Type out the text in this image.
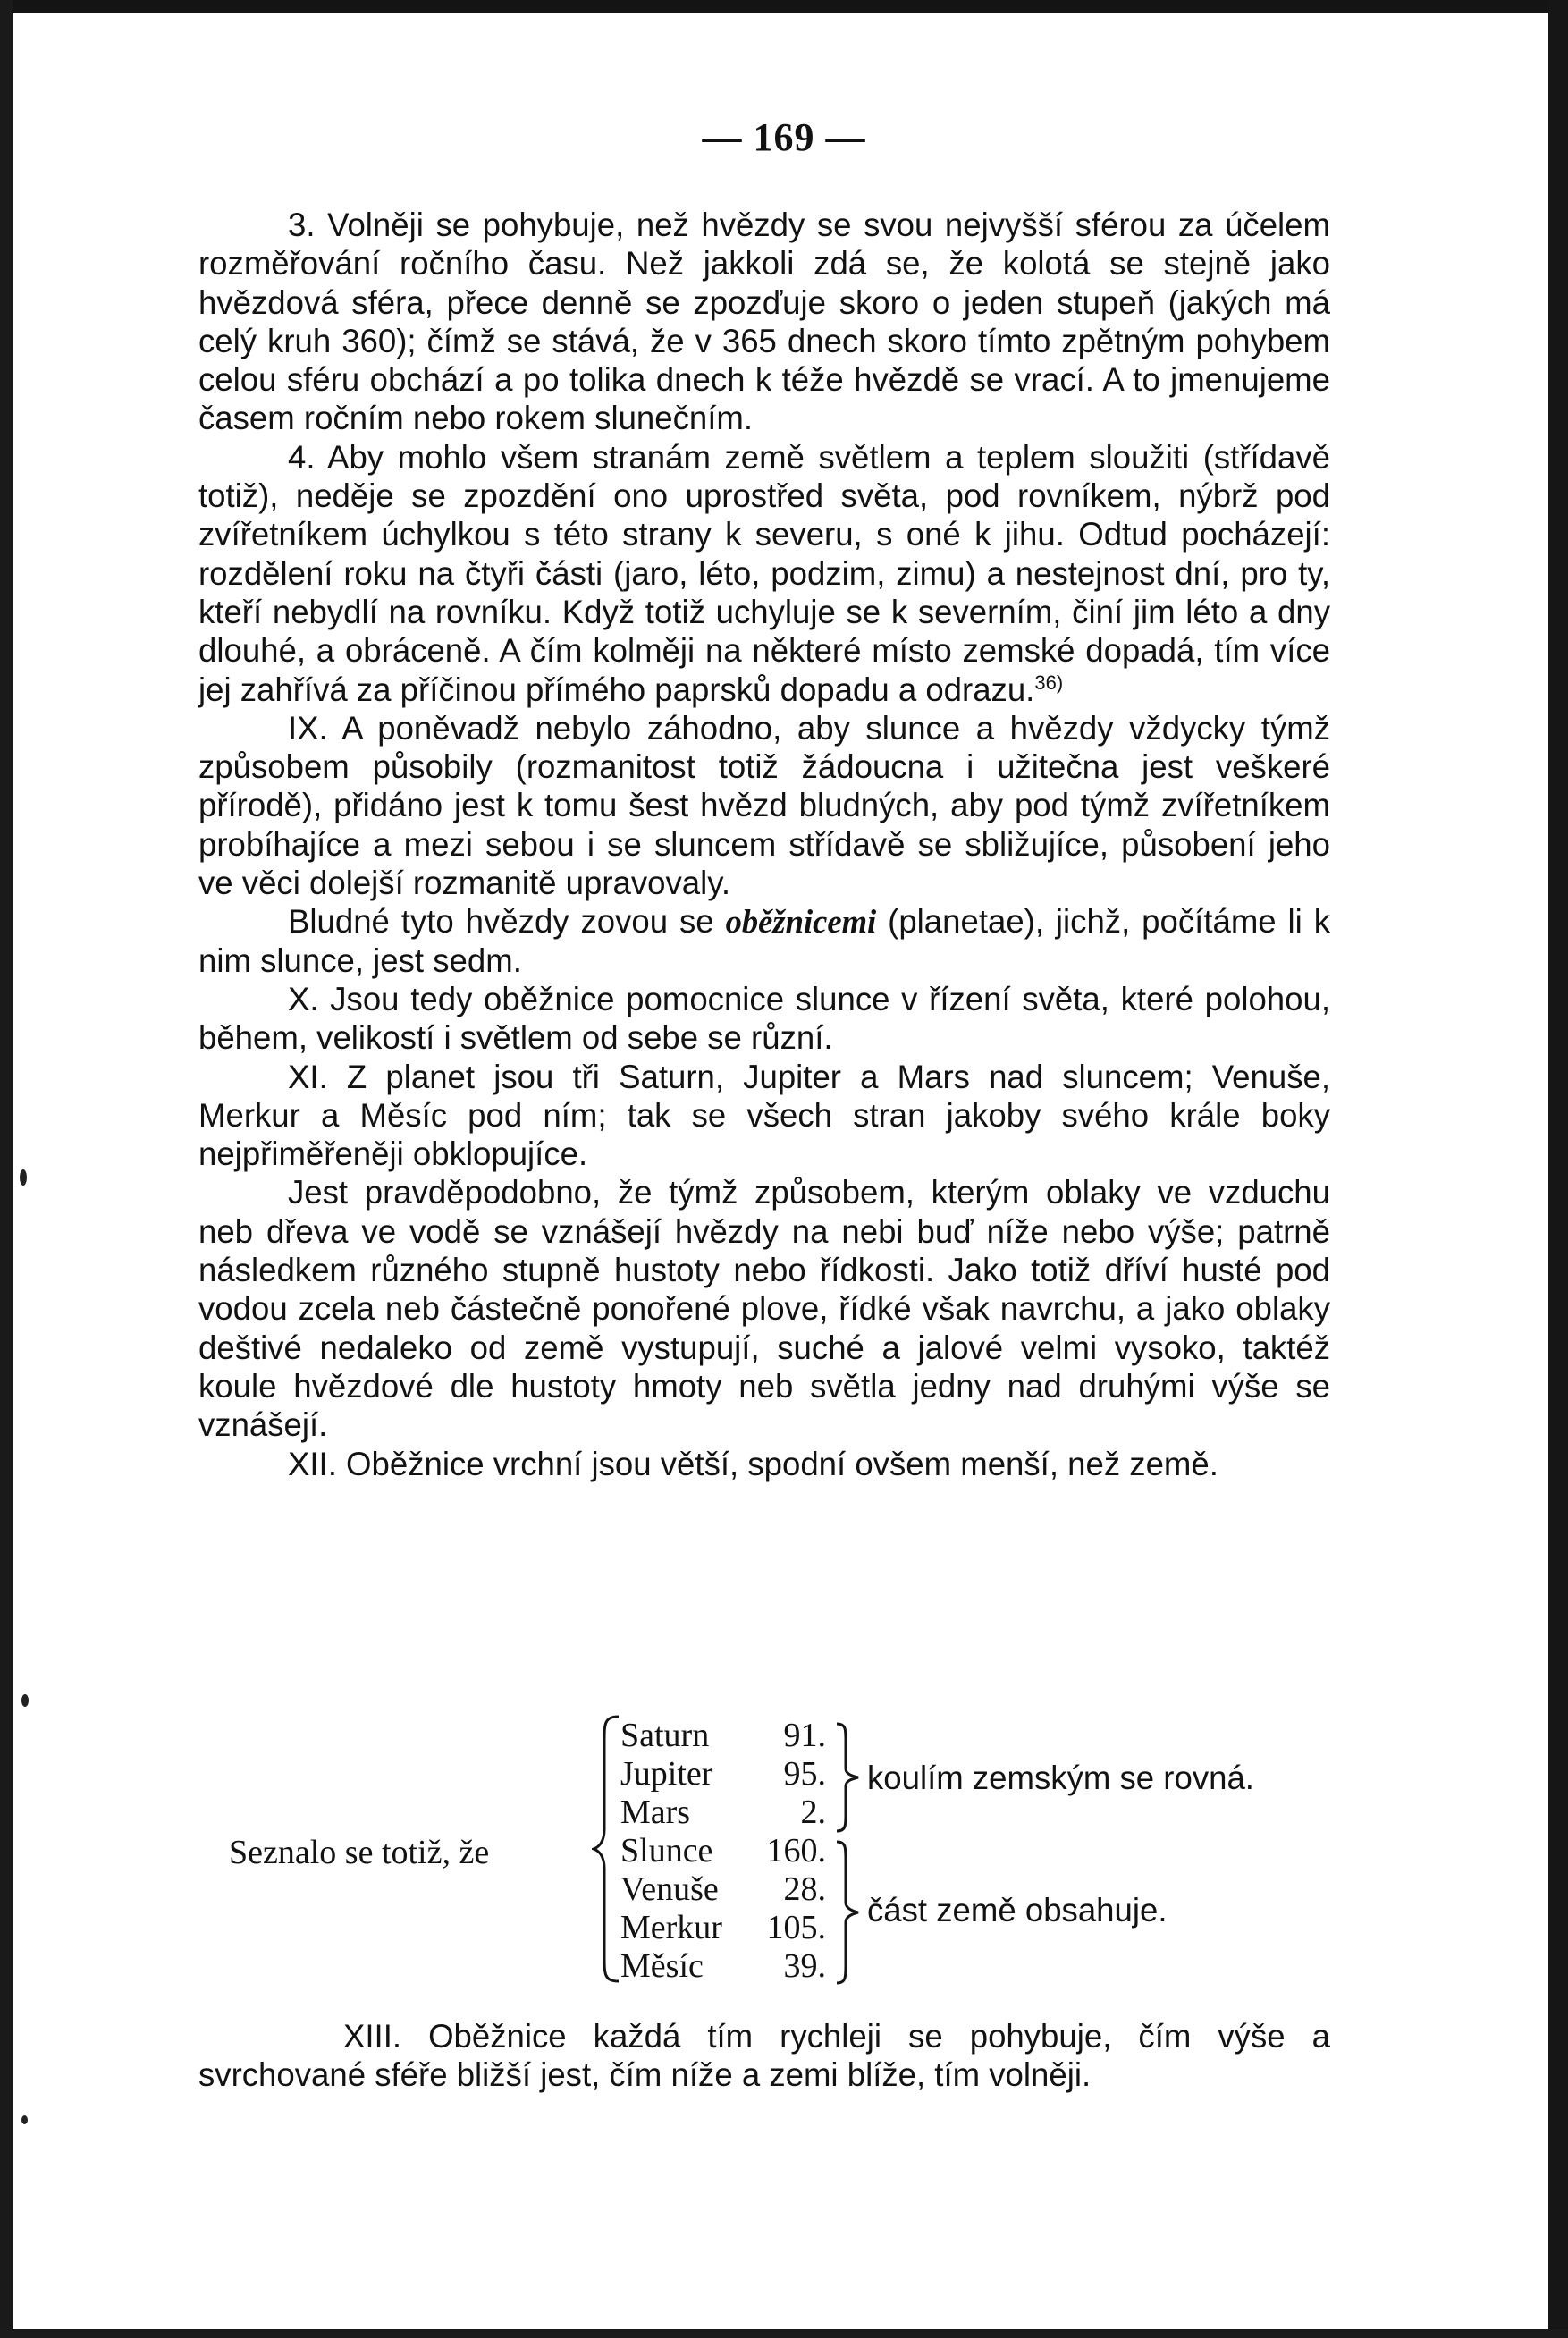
— 169 —

3. Volněji se pohybuje, než hvězdy se svou nejvyšší sférou za účelem rozměřování ročního času. Než jakkoli zdá se, že kolotá se stejně jako hvězdová sféra, přece denně se zpozďuje skoro o jeden stupeň (jakých má celý kruh 360); čímž se stává, že v 365 dnech skoro tímto zpětným pohybem celou sféru obchází a po tolika dnech k téže hvězdě se vrací. A to jmenujeme časem ročním nebo rokem slunečním.

4. Aby mohlo všem stranám země světlem a teplem sloužiti (střídavě totiž), neděje se zpozdění ono uprostřed světa, pod rovníkem, nýbrž pod zvířetníkem úchylkou s této strany k severu, s oné k jihu. Odtud pocházejí: rozdělení roku na čtyři části (jaro, léto, podzim, zimu) a nestejnost dní, pro ty, kteří nebydlí na rovníku. Když totiž uchyluje se k severním, činí jim léto a dny dlouhé, a obráceně. A čím kolměji na některé místo zemské dopadá, tím více jej zahřívá za příčinou přímého paprsků dopadu a odrazu.$^{36)}$

IX. A poněvadž nebylo záhodno, aby slunce a hvězdy vždycky týmž způsobem působily (rozmanitost totiž žádoucna i užitečna jest veškeré přírodě), přidáno jest k tomu šest hvězd bludných, aby pod týmž zvířetníkem probíhajíce a mezi sebou i se sluncem střídavě se sbližujíce, působení jeho ve věci dolejší rozmanitě upravovaly.

Bludné tyto hvězdy zovou se oběžnicemi (planetae), jichž, počítáme li k nim slunce, jest sedm.

X. Jsou tedy oběžnice pomocnice slunce v řízení světa, které polohou, během, velikostí i světlem od sebe se různí.

XI. Z planet jsou tři Saturn, Jupiter a Mars nad sluncem; Venuše, Merkur a Měsíc pod ním; tak se všech stran jakoby svého krále boky nejpřiměřeněji obklopujíce.

Jest pravděpodobno, že týmž způsobem, kterým oblaky ve vzduchu neb dřeva ve vodě se vznášejí hvězdy na nebi buď níže nebo výše; patrně následkem různého stupně hustoty nebo řídkosti. Jako totiž dříví husté pod vodou zcela neb částečně ponořené plove, řídké však navrchu, a jako oblaky deštivé nedaleko od země vystupují, suché a jalové velmi vysoko, taktéž koule hvězdové dle hustoty hmoty neb světla jedny nad druhými výše se vznášejí.

XII. Oběžnice vrchní jsou větší, spodní ovšem menší, než země.

Seznalo se totiž, že
Saturn 91.
Jupiter 95.
Mars	2.
Slunce 160.
Venuše 28.
Merkur 105.
Měsíc 39.
koulím zemským se rovná.
část země obsahuje.

XIII. Oběžnice každá tím rychleji se pohybuje, čím výše a svrchované sféře bližší jest, čím níže a zemi blíže, tím volněji.
